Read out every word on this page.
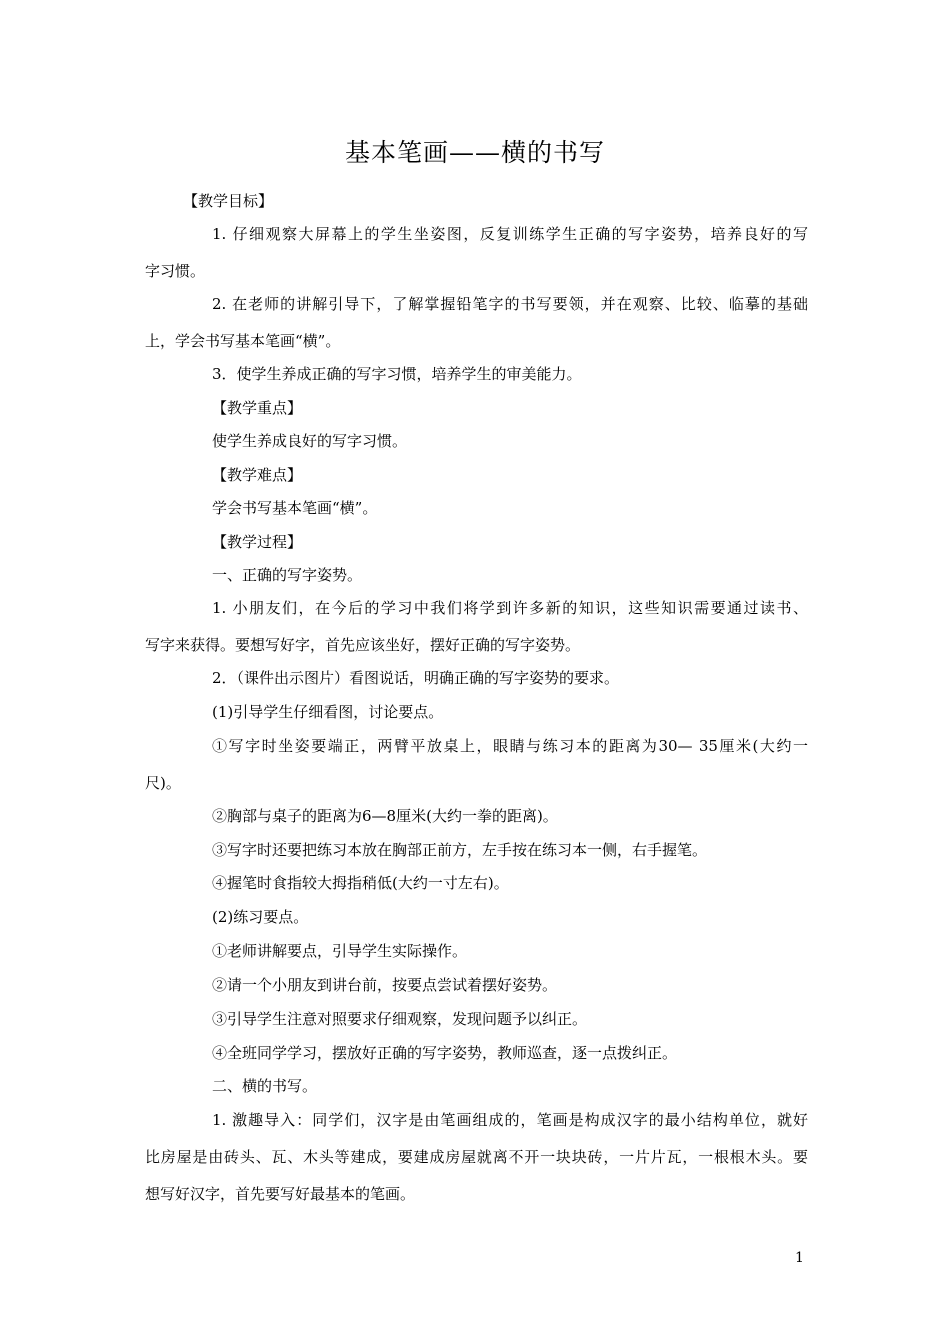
基本笔画——横的书写
【教学目标】
1. 仔细观察大屏幕上的学生坐姿图，反复训练学生正确的写字姿势，培养良好的写
字习惯。
2. 在老师的讲解引导下，了解掌握铅笔字的书写要领，并在观察、比较、临摹的基础
上，学会书写基本笔画“横”。
3．使学生养成正确的写字习惯，培养学生的审美能力。
【教学重点】
使学生养成良好的写字习惯。
【教学难点】
学会书写基本笔画“横”。
【教学过程】
一、正确的写字姿势。
1. 小朋友们，在今后的学习中我们将学到许多新的知识，这些知识需要通过读书、
写字来获得。要想写好字，首先应该坐好，摆好正确的写字姿势。
2．（课件出示图片）看图说话，明确正确的写字姿势的要求。
(1)引导学生仔细看图，讨论要点。
①写字时坐姿要端正，两臂平放桌上，眼睛与练习本的距离为30— 35厘米(大约一
尺)。
②胸部与桌子的距离为6—8厘米(大约一拳的距离)。
③写字时还要把练习本放在胸部正前方，左手按在练习本一侧，右手握笔。
④握笔时食指较大拇指稍低(大约一寸左右)。
(2)练习要点。
①老师讲解要点，引导学生实际操作。
②请一个小朋友到讲台前，按要点尝试着摆好姿势。
③引导学生注意对照要求仔细观察，发现问题予以纠正。
④全班同学学习，摆放好正确的写字姿势，教师巡查，逐一点拨纠正。
二、横的书写。
1. 激趣导入：同学们，汉字是由笔画组成的，笔画是构成汉字的最小结构单位，就好
比房屋是由砖头、瓦、木头等建成，要建成房屋就离不开一块块砖，一片片瓦，一根根木头。要
想写好汉字，首先要写好最基本的笔画。
1
